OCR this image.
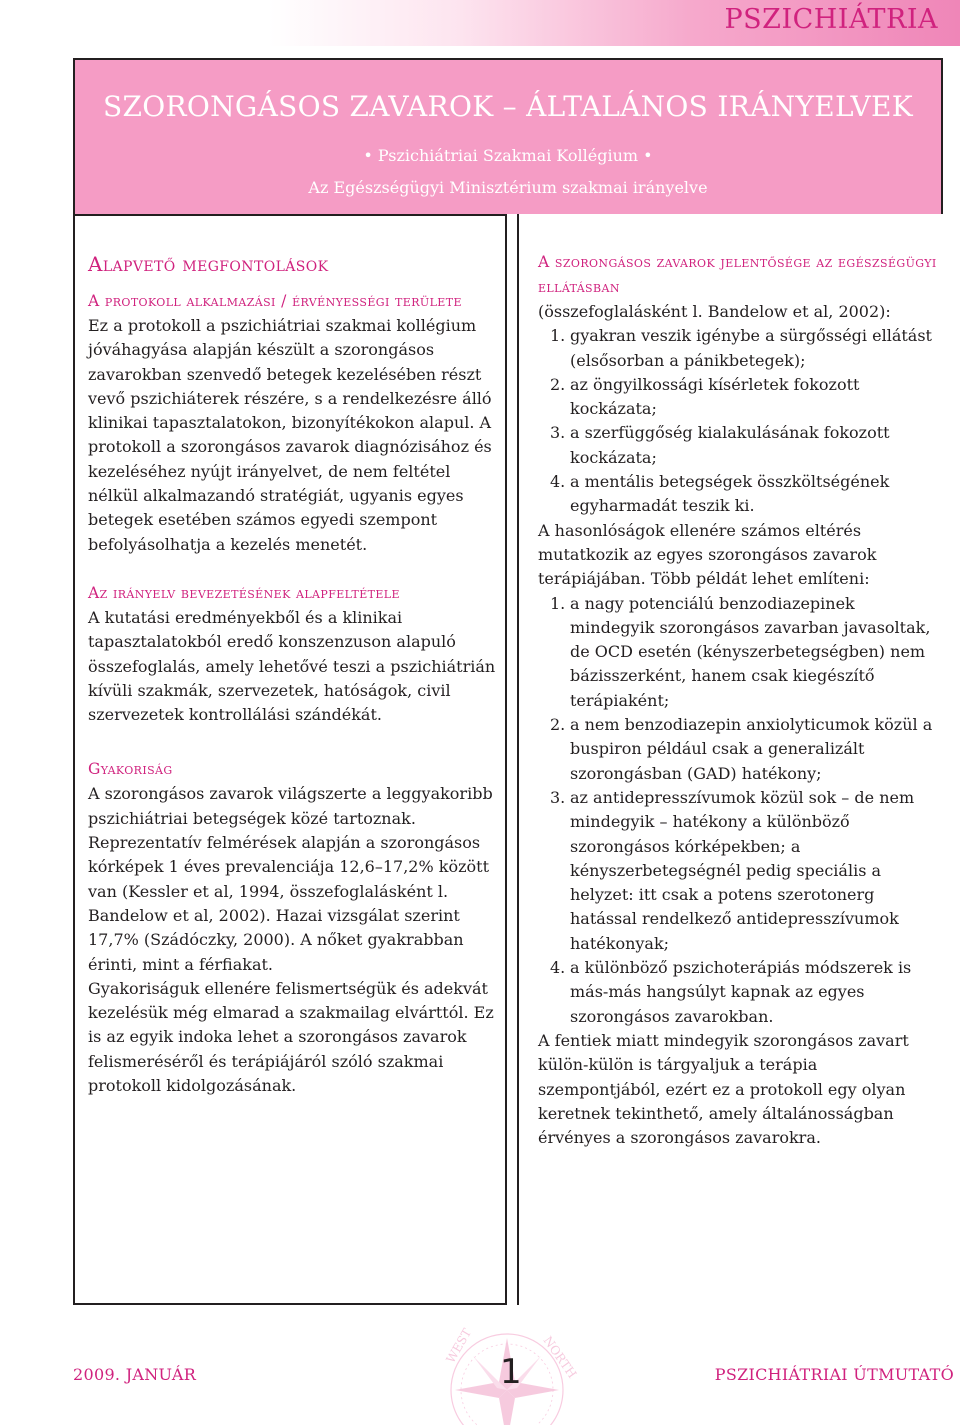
PSZICHIÁTRIA
SZORONGÁSOS ZAVAROK – ÁLTALÁNOS IRÁNYELVEK
• Pszichiátriai Szakmai Kollégium •
Az Egészségügyi Minisztérium szakmai irányelve
Alapvető megfontolások
A protokoll alkalmazási / érvényességi területe

Ez a protokoll a pszichiátriai szakmai kollégium jóváhagyása alapján készült a szorongásos zavarokban szenvedő betegek kezelésében részt vevő pszichiáterek részére, s a rendelkezésre álló klinikai tapasztalatokon, bizonyítékokon alapul. A protokoll a szorongásos zavarok diagnózisához és kezeléséhez nyújt irányelvet, de nem feltétel nélkül alkalmazandó stratégiát, ugyanis egyes betegek esetében számos egyedi szempont befolyásolhatja a kezelés menetét.

Az irányelv bevezetésének alapfeltétele

A kutatási eredményekből és a klinikai tapasztalatokból eredő konszenzuson alapuló összefoglalás, amely lehetővé teszi a pszichiátrián kívüli szakmák, szervezetek, hatóságok, civil szervezetek kontrollálási szándékát.

Gyakoriság

A szorongásos zavarok világszerte a leggyakoribb pszichiátriai betegségek közé tartoznak. Reprezentatív felmérések alapján a szorongásos kórképek 1 éves prevalenciája 12,6–17,2% között van (Kessler et al, 1994, összefoglalásként l. Bandelow et al, 2002). Hazai vizsgálat szerint 17,7% (Szádóczky, 2000). A nőket gyakrabban érinti, mint a férfiakat.

Gyakoriságuk ellenére felismertségük és adekvát kezelésük még elmarad a szakmailag elvárttól. Ez is az egyik indoka lehet a szorongásos zavarok felismeréséről és terápiájáról szóló szakmai protokoll kidolgozásának.

A szorongásos zavarok jelentősége az egészségügyi ellátásban

(összefoglalásként l. Bandelow et al, 2002):

1. gyakran veszik igénybe a sürgősségi ellátást (elsősorban a pánikbetegek);
2. az öngyilkossági kísérletek fokozott kockázata;
3. a szerfüggőség kialakulásának fokozott kockázata;
4. a mentális betegségek összköltségének egyharmadát teszik ki.

A hasonlóságok ellenére számos eltérés mutatkozik az egyes szorongásos zavarok terápiájában. Több példát lehet említeni:

1. a nagy potenciálú benzodiazepinek mindegyik szorongásos zavarban javasoltak, de OCD esetén (kényszerbetegségben) nem bázisszerként, hanem csak kiegészítő terápiaként;
2. a nem benzodiazepin anxiolyticumok közül a buspiron például csak a generalizált szorongásban (GAD) hatékony;
3. az antidepresszívumok közül sok – de nem mindegyik – hatékony a különböző szorongásos kórképekben; a kényszerbetegségnél pedig speciális a helyzet: itt csak a potens szerotonerg hatással rendelkező antidepresszívumok hatékonyak;
4. a különböző pszichoterápiás módszerek is más-más hangsúlyt kapnak az egyes szorongásos zavarokban.

A fentiek miatt mindegyik szorongásos zavart külön-külön is tárgyaljuk a terápia szempontjából, ezért ez a protokoll egy olyan keretnek tekinthető, amely általánosságban érvényes a szorongásos zavarokra.

WEST	NORTH
2009. JANUÁR	1	PSZICHIÁTRIAI ÚTMUTATÓ
